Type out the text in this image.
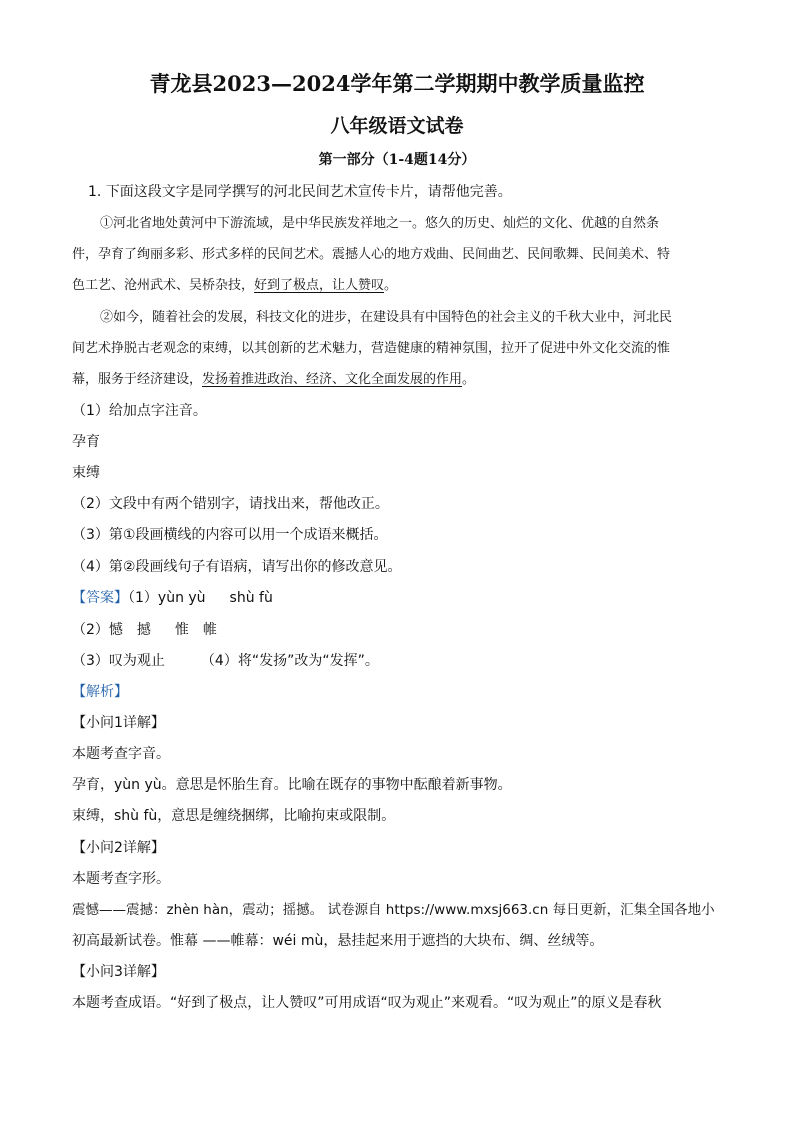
青龙县2023—2024学年第二学期期中教学质量监控
八年级语文试卷
第一部分（1-4题14分）
1. 下面这段文字是同学撰写的河北民间艺术宣传卡片，请帮他完善。
①河北省地处黄河中下游流域，是中华民族发祥地之一。悠久的历史、灿烂的文化、优越的自然条
件，孕育了绚丽多彩、形式多样的民间艺术。震撼人心的地方戏曲、民间曲艺、民间歌舞、民间美术、特
色工艺、沧州武术、吴桥杂技，好到了极点，让人赞叹。
②如今，随着社会的发展，科技文化的进步，在建设具有中国特色的社会主义的千秋大业中，河北民
间艺术挣脱古老观念的束缚，以其创新的艺术魅力，营造健康的精神氛围，拉开了促进中外文化交流的惟
幕，服务于经济建设，发扬着推进政治、经济、文化全面发展的作用。
（1）给加点字注音。
孕育
束缚
（2）文段中有两个错别字，请找出来，帮他改正。
（3）第①段画横线的内容可以用一个成语来概括。
（4）第②段画线句子有语病，请写出你的修改意见。
【答案】（1）yùn yù shù fù
（2）憾　撼 惟　帷
（3）叹为观止	（4）将“发扬”改为“发挥”。
【解析】
【小问1详解】
本题考查字音。
孕育，yùn yù。意思是怀胎生育。比喻在既存的事物中酝酿着新事物。
束缚，shù fù，意思是缠绕捆绑，比喻拘束或限制。
【小问2详解】
本题考查字形。
震憾——震撼：zhèn hàn，震动；摇撼。 试卷源自 https://www.mxsj663.cn 每日更新，汇集全国各地小
初高最新试卷。惟幕 ——帷幕：wéi mù，悬挂起来用于遮挡的大块布、绸、丝绒等。
【小问3详解】
本题考查成语。“好到了极点，让人赞叹”可用成语“叹为观止”来观看。“叹为观止”的原义是春秋
